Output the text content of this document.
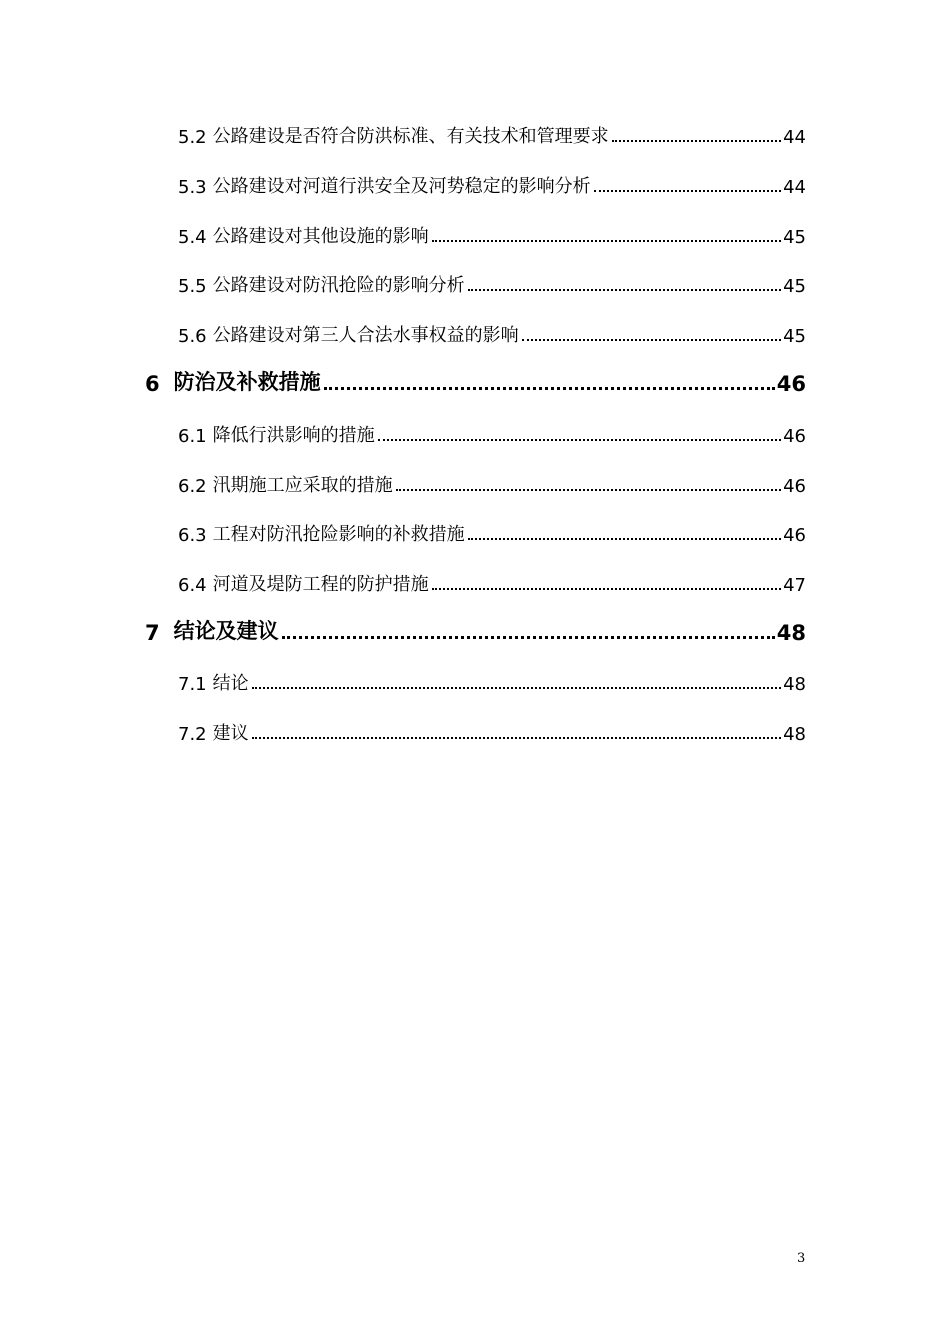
5.2 公路建设是否符合防洪标准、有关技术和管理要求	44
5.3 公路建设对河道行洪安全及河势稳定的影响分析	44
5.4 公路建设对其他设施的影响	45
5.5 公路建设对防汛抢险的影响分析	45
5.6 公路建设对第三人合法水事权益的影响	45
6 防治及补救措施	46
6.1 降低行洪影响的措施	46
6.2 汛期施工应采取的措施	46
6.3 工程对防汛抢险影响的补救措施	46
6.4 河道及堤防工程的防护措施	47
7 结论及建议	48
7.1 结论	48
7.2 建议	48
3
